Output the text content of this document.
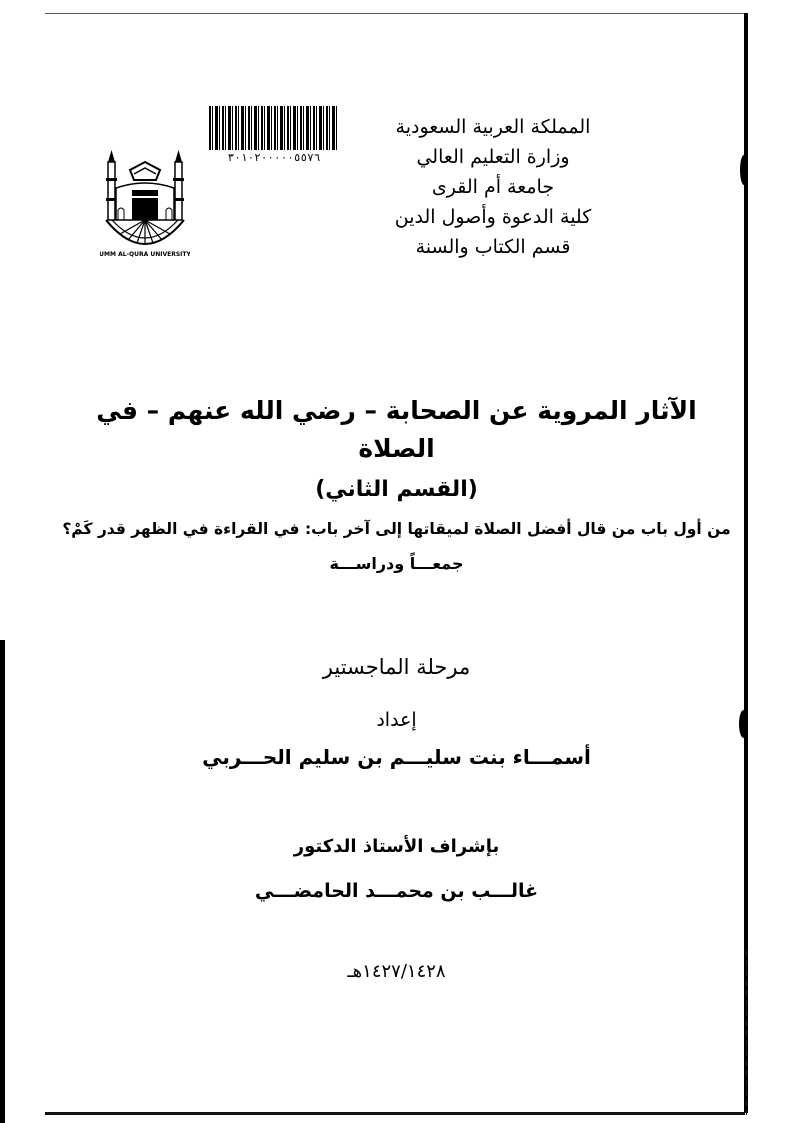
٣٠١٠٢٠٠٠٠٠٥٥٧٦
UMM AL-QURA UNIVERSITY
المملكة العربية السعودية
وزارة التعليم العالي
جامعة أم القرى
كلية الدعوة وأصول الدين
قسم الكتاب والسنة

الآثار المروية عن الصحابة – رضي الله عنهم – في الصلاة

(القسم الثاني)

من أول باب من قال أفضل الصلاة لميقاتها إلى آخر باب: في القراءة في الظهر قدر كَمْ؟

جمعـــاً ودراســـة

مرحلة الماجستير
إعداد
أسمـــاء بنت سليـــم بن سليم الحـــربي
بإشراف الأستاذ الدكتور
غالـــب بن محمـــد الحامضـــي
١٤٢٧/١٤٢٨هـ
